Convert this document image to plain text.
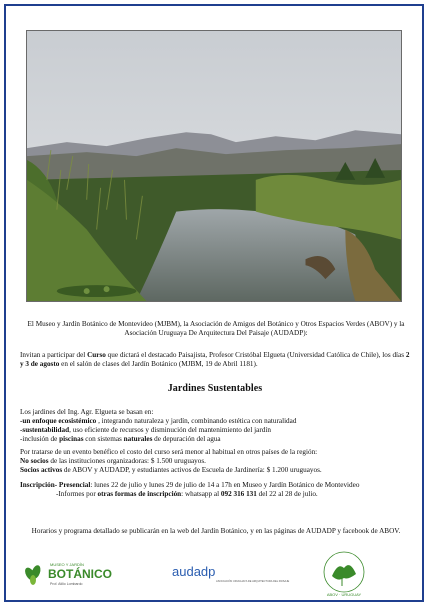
El Museo y Jardín Botánico de Montevideo (MJBM), la Asociación de Amigos del Botánico y Otros Espacios Verdes (ABOV) y la Asociación Uruguaya De Arquitectura Del Paisaje (AUDADP):
Invitan a participar del Curso que dictará el destacado Paisajista, Profesor Cristóbal Elgueta (Universidad Católica de Chile), los días 2 y 3 de agosto en el salón de clases del Jardín Botánico (MJBM, 19 de Abril 1181).
Jardines Sustentables
Los jardines del Ing. Agr. Elgueta se basan en:
-un enfoque ecosistémico , integrando naturaleza y jardín, combinando estética con naturalidad
-sustentabilidad, uso eficiente de recursos y disminución del mantenimiento del jardín
-inclusión de piscinas con sistemas naturales de depuración del agua
Por tratarse de un evento benéfico el costo del curso será menor al habitual en otros países de la región:
No socios de las instituciones organizadoras: $ 1.500 uruguayos.
Socios activos de ABOV y AUDADP, y estudiantes activos de Escuela de Jardinería: $ 1.200 uruguayos.
Inscripción- Presencial: lunes 22 de julio y lunes 29 de julio de 14 a 17h en Museo y Jardín Botánico de Montevideo
-Informes por otras formas de inscripción: whatsapp al 092 316 131 del 22 al 28 de julio.
Horarios y programa detallado se publicarán en la web del Jardín Botánico, y en las páginas de AUDADP y facebook de ABOV.
MUSEO Y JARDÍN
BOTÁNICO
Prof. Atilio Lombardo
audadp
ASOCIACIÓN URUGUAYA DE ARQUITECTURA DEL PAISAJE
ABOV · URUGUAY
